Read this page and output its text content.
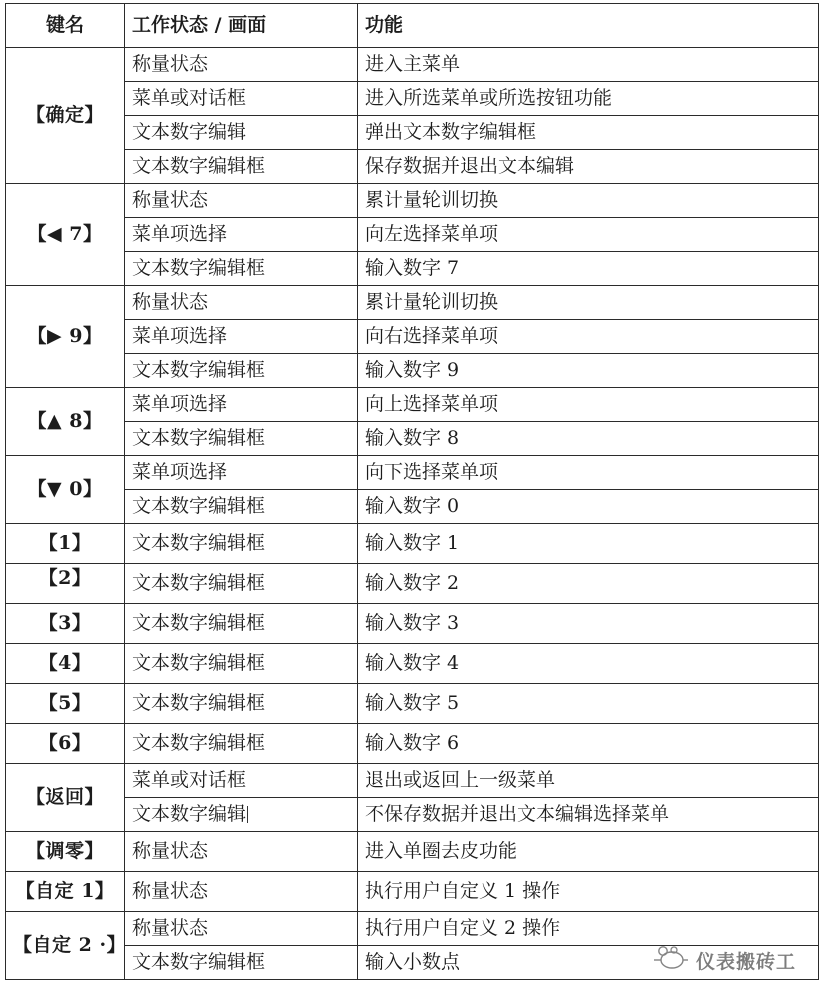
键名	工作状态 / 画面	功能
【确定】	称量状态	进入主菜单
	菜单或对话框	进入所选菜单或所选按钮功能
	文本数字编辑	弹出文本数字编辑框
	文本数字编辑框	保存数据并退出文本编辑
【◀ 7】	称量状态	累计量轮训切换
	菜单项选择	向左选择菜单项
	文本数字编辑框	输入数字 7
【▶ 9】	称量状态	累计量轮训切换
	菜单项选择	向右选择菜单项
	文本数字编辑框	输入数字 9
【▲ 8】	菜单项选择	向上选择菜单项
	文本数字编辑框	输入数字 8
【▼ 0】	菜单项选择	向下选择菜单项
	文本数字编辑框	输入数字 0
【1】	文本数字编辑框	输入数字 1
【2】	文本数字编辑框	输入数字 2
【3】	文本数字编辑框	输入数字 3
【4】	文本数字编辑框	输入数字 4
【5】	文本数字编辑框	输入数字 5
【6】	文本数字编辑框	输入数字 6
【返回】	菜单或对话框	退出或返回上一级菜单
	文本数字编辑	不保存数据并退出文本编辑选择菜单
【调零】	称量状态	进入单圈去皮功能
【自定 1】	称量状态	执行用户自定义 1 操作
【自定 2 ·】	称量状态	执行用户自定义 2 操作
	文本数字编辑框	输入小数点	仪表搬砖工
